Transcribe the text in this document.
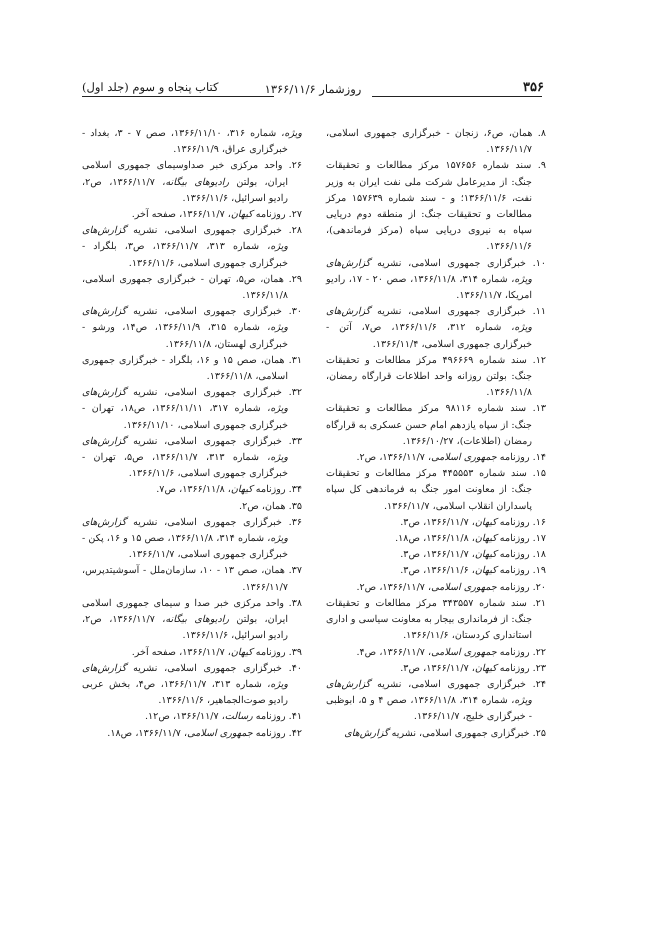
۳۵۶
روزشمار ۱۳۶۶/۱۱/۶
کتاب پنجاه و سوم (جلد اول)

۸. همان، ص۶، زنجان - خبرگزاری جمهوری اسلامی، ۱۳۶۶/۱۱/۷.

۹. سند شماره ۱۵۷۶۵۶ مرکز مطالعات و تحقیقات جنگ: از مدیرعامل شرکت ملی نفت ایران به وزیر نفت، ۱۳۶۶/۱۱/۶؛ و - سند شماره ۱۵۷۶۳۹ مرکز مطالعات و تحقیقات جنگ: از منطقه دوم دریایی سپاه به نیروی دریایی سپاه (مرکز فرماندهی)، ۱۳۶۶/۱۱/۶.

۱۰. خبرگزاری جمهوری اسلامی، نشریه گزارش‌های ویژه، شماره ۳۱۴، ۱۳۶۶/۱۱/۸، صص ۲۰ - ۱۷، رادیو امریکا، ۱۳۶۶/۱۱/۷.

۱۱. خبرگزاری جمهوری اسلامی، نشریه گزارش‌های ویژه، شماره ۳۱۲، ۱۳۶۶/۱۱/۶، ص۷، آتن - خبرگزاری جمهوری اسلامی، ۱۳۶۶/۱۱/۴.

۱۲. سند شماره ۴۹۶۶۶۹ مرکز مطالعات و تحقیقات جنگ: بولتن روزانه واحد اطلاعات قرارگاه رمضان، ۱۳۶۶/۱۱/۸.

۱۳. سند شماره ۹۸۱۱۶ مرکز مطالعات و تحقیقات جنگ: از سپاه یازدهم امام حسن عسکری به قرارگاه رمضان (اطلاعات)، ۱۳۶۶/۱۰/۲۷.

۱۴. روزنامه جمهوری اسلامی، ۱۳۶۶/۱۱/۷، ص۲.

۱۵. سند شماره ۴۴۵۵۵۳ مرکز مطالعات و تحقیقات جنگ: از معاونت امور جنگ به فرماندهی کل سپاه پاسداران انقلاب اسلامی، ۱۳۶۶/۱۱/۷.

۱۶. روزنامه کیهان، ۱۳۶۶/۱۱/۷، ص۳.

۱۷. روزنامه کیهان، ۱۳۶۶/۱۱/۸، ص۱۸.

۱۸. روزنامه کیهان، ۱۳۶۶/۱۱/۷، ص۳.

۱۹. روزنامه کیهان، ۱۳۶۶/۱۱/۶، ص۳.

۲۰. روزنامه جمهوری اسلامی، ۱۳۶۶/۱۱/۷، ص۲.

۲۱. سند شماره ۳۴۳۵۵۷ مرکز مطالعات و تحقیقات جنگ: از فرمانداری بیجار به معاونت سیاسی و اداری استانداری کردستان، ۱۳۶۶/۱۱/۶.

۲۲. روزنامه جمهوری اسلامی، ۱۳۶۶/۱۱/۷، ص۴.

۲۳. روزنامه کیهان، ۱۳۶۶/۱۱/۷، ص۳.

۲۴. خبرگزاری جمهوری اسلامی، نشریه گزارش‌های ویژه، شماره ۳۱۴، ۱۳۶۶/۱۱/۸، صص ۴ و ۵، ابوظبی - خبرگزاری خلیج، ۱۳۶۶/۱۱/۷.

۲۵. خبرگزاری جمهوری اسلامی، نشریه گزارش‌های

ویژه، شماره ۳۱۶، ۱۳۶۶/۱۱/۱۰، صص ۷ - ۳، بغداد - خبرگزاری عراق، ۱۳۶۶/۱۱/۹.

۲۶. واحد مرکزی خبر صداوسیمای جمهوری اسلامی ایران، بولتن رادیوهای بیگانه، ۱۳۶۶/۱۱/۷، ص۲، رادیو اسرائیل، ۱۳۶۶/۱۱/۶.

۲۷. روزنامه کیهان، ۱۳۶۶/۱۱/۷، صفحه آخر.

۲۸. خبرگزاری جمهوری اسلامی، نشریه گزارش‌های ویژه، شماره ۳۱۳، ۱۳۶۶/۱۱/۷، ص۳، بلگراد - خبرگزاری جمهوری اسلامی، ۱۳۶۶/۱۱/۶.

۲۹. همان، ص۵، تهران - خبرگزاری جمهوری اسلامی، ۱۳۶۶/۱۱/۸.

۳۰. خبرگزاری جمهوری اسلامی، نشریه گزارش‌های ویژه، شماره ۳۱۵، ۱۳۶۶/۱۱/۹، ص۱۴، ورشو - خبرگزاری لهستان، ۱۳۶۶/۱۱/۸.

۳۱. همان، صص ۱۵ و ۱۶، بلگراد - خبرگزاری جمهوری اسلامی، ۱۳۶۶/۱۱/۸.

۳۲. خبرگزاری جمهوری اسلامی، نشریه گزارش‌های ویژه، شماره ۳۱۷، ۱۳۶۶/۱۱/۱۱، ص۱۸، تهران - خبرگزاری جمهوری اسلامی، ۱۳۶۶/۱۱/۱۰.

۳۳. خبرگزاری جمهوری اسلامی، نشریه گزارش‌های ویژه، شماره ۳۱۳، ۱۳۶۶/۱۱/۷، ص۵، تهران - خبرگزاری جمهوری اسلامی، ۱۳۶۶/۱۱/۶.

۳۴. روزنامه کیهان، ۱۳۶۶/۱۱/۸، ص۷.

۳۵. همان، ص۲.

۳۶. خبرگزاری جمهوری اسلامی، نشریه گزارش‌های ویژه، شماره ۳۱۴، ۱۳۶۶/۱۱/۸، صص ۱۵ و ۱۶، پکن - خبرگزاری جمهوری اسلامی، ۱۳۶۶/۱۱/۷.

۳۷. همان، صص ۱۳ - ۱۰، سازمان‌ملل - آسوشیتدپرس، ۱۳۶۶/۱۱/۷.

۳۸. واحد مرکزی خبر صدا و سیمای جمهوری اسلامی ایران، بولتن رادیوهای بیگانه، ۱۳۶۶/۱۱/۷، ص۲، رادیو اسرائیل، ۱۳۶۶/۱۱/۶.

۳۹. روزنامه کیهان، ۱۳۶۶/۱۱/۷، صفحه آخر.

۴۰. خبرگزاری جمهوری اسلامی، نشریه گزارش‌های ویژه، شماره ۳۱۳، ۱۳۶۶/۱۱/۷، ص۴، بخش عربی رادیو صوت‌الجماهیر، ۱۳۶۶/۱۱/۶.

۴۱. روزنامه رسالت، ۱۳۶۶/۱۱/۷، ص۱۲.

۴۲. روزنامه جمهوری اسلامی، ۱۳۶۶/۱۱/۷، ص۱۸.
